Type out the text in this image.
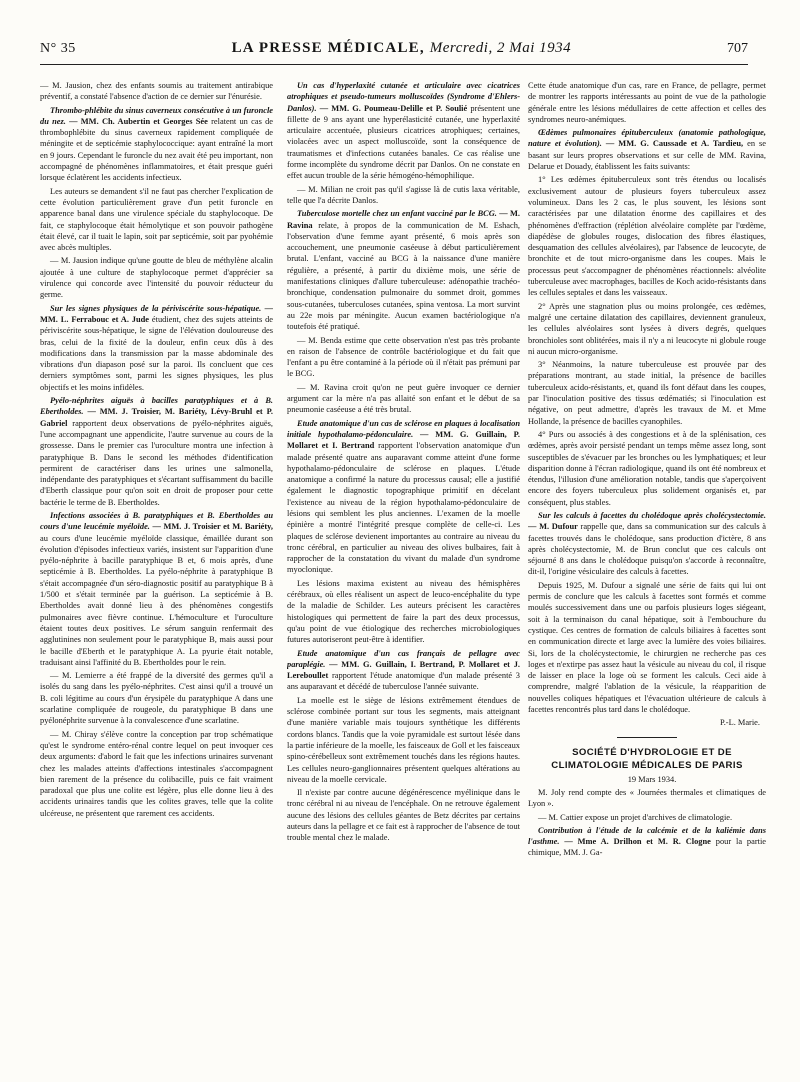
N° 35	LA PRESSE MÉDICALE, Mercredi, 2 Mai 1934	707

— M. Jausion, chez des enfants soumis au traitement antirabique préventif, a constaté l'absence d'action de ce dernier sur l'énurésie.

Thrombo-phlébite du sinus caverneux consécutive à un furoncle du nez. — MM. Ch. Aubertin et Georges Sée relatent un cas de thrombophlébite du sinus caverneux rapidement compliquée de méningite et de septicémie staphylococcique: ayant entraîné la mort en 9 jours. Cependant le furoncle du nez avait été peu important, non accompagné de phénomènes inflammatoires, et était presque guéri lorsque éclatèrent les accidents infectieux.

Les auteurs se demandent s'il ne faut pas chercher l'explication de cette évolution particulièrement grave d'un petit furoncle en apparence banal dans une virulence spéciale du staphylocoque. De fait, ce staphylocoque était hémolytique et son pouvoir pathogène était élevé, car il tuait le lapin, soit par septicémie, soit par pyohémie avec abcès multiples.

— M. Jausion indique qu'une goutte de bleu de méthylène alcalin ajoutée à une culture de staphylocoque permet d'apprécier sa virulence qui concorde avec l'intensité du pouvoir réducteur du germe.

Sur les signes physiques de la périviscérite sous-hépatique. — MM. L. Ferrabouc et A. Jude étudient, chez des sujets atteints de périviscérite sous-hépatique, le signe de l'élévation douloureuse des bras, celui de la fixité de la douleur, enfin ceux dûs à des modifications dans la transmission par la masse abdominale des vibrations d'un diapason posé sur la paroi. Ils concluent que ces derniers symptômes sont, parmi les signes physiques, les plus objectifs et les moins infidèles.

Pyélo-néphrites aiguës à bacilles paratyphiques et à B. Ebertholdes. — MM. J. Troisier, M. Bariéty, Lévy-Bruhl et P. Gabriel rapportent deux observations de pyélo-néphrites aiguës, l'une accompagnant une appendicite, l'autre survenue au cours de la grossesse. Dans le premier cas l'uroculture montra une infection à paratyphique B. Dans le second les méthodes d'identification permirent de caractériser dans les urines une salmonella, indépendante des paratyphiques et s'écartant suffisamment du bacille d'Eberth classique pour qu'on soit en droit de proposer pour cette bactérie le terme de B. Ebertholdes.

Infections associées à B. paratyphiques et B. Ebertholdes au cours d'une leucémie myéloïde. — MM. J. Troisier et M. Bariéty, au cours d'une leucémie myéloïde classique, émaillée durant son évolution d'épisodes infectieux variés, insistent sur l'apparition d'une pyélo-néphrite à bacille paratyphique B et, 6 mois après, d'une septicémie à B. Ebertholdes. La pyélo-néphrite à paratyphique B s'était accompagnée d'un séro-diagnostic positif au paratyphique B à 1/500 et s'était terminée par la guérison. La septicémie à B. Ebertholdes avait donné lieu à des phénomènes congestifs pulmonaires avec fièvre continue. L'hémoculture et l'uroculture étaient toutes deux positives. Le sérum sanguin renfermait des agglutinines non seulement pour le paratyphique B, mais aussi pour le bacille d'Eberth et le paratyphique A. La pyurie était notable, traduisant ainsi l'affinité du B. Ebertholdes pour le rein.

— M. Lemierre a été frappé de la diversité des germes qu'il a isolés du sang dans les pyélo-néphrites. C'est ainsi qu'il a trouvé un B. coli légitime au cours d'un érysipèle du paratyphique A dans une scarlatine compliquée de rougeole, du paratyphique B dans une pyélonéphrite survenue à la convalescence d'une scarlatine.

— M. Chiray s'élève contre la conception par trop schématique qu'est le syndrome entéro-rénal contre lequel on peut invoquer ces deux arguments: d'abord le fait que les infections urinaires survenant chez les malades atteints d'affections intestinales s'accompagnent bien rarement de la présence du colibacille, puis ce fait vraiment paradoxal que plus une colite est légère, plus elle donne lieu à des accidents urinaires tandis que les colites graves, telle que la colite ulcéreuse, ne présentent que rarement ces accidents.

Un cas d'hyperlaxité cutanée et articulaire avec cicatrices atrophiques et pseudo-tumeurs molluscoïdes (Syndrome d'Ehlers-Danlos). — MM. G. Poumeau-Delille et P. Soulié présentent une fillette de 9 ans ayant une hyperélasticité cutanée, une hyperlaxité articulaire accentuée, plusieurs cicatrices atrophiques; certaines, violacées avec un aspect molluscoïde, sont la conséquence de traumatismes et d'infections cutanées banales. Ce cas réalise une forme incomplète du syndrome décrit par Danlos. On ne constate en effet aucun trouble de la série hémogéno-hémophilique.

— M. Milian ne croit pas qu'il s'agisse là de cutis laxa véritable, telle que l'a décrite Danlos.

Tuberculose mortelle chez un enfant vacciné par le BCG. — M. Ravina relate, à propos de la communication de M. Eshach, l'observation d'une femme ayant présenté, 6 mois après son accouchement, une pneumonie caséeuse à début particulièrement brutal. L'enfant, vacciné au BCG à la naissance d'une manière régulière, a présenté, à partir du dixième mois, une série de manifestations cliniques d'allure tuberculeuse: adénopathie trachéo-bronchique, condensation pulmonaire du sommet droit, gommes sous-cutanées, tuberculoses cutanées, spina ventosa. La mort survint au 22e mois par méningite. Aucun examen bactériologique n'a toutefois été pratiqué.

— M. Benda estime que cette observation n'est pas très probante en raison de l'absence de contrôle bactériologique et du fait que l'enfant a pu être contaminé à la période où il n'était pas prémuni par le BCG.

— M. Ravina croit qu'on ne peut guère invoquer ce dernier argument car la mère n'a pas allaité son enfant et le début de sa pneumonie caséeuse a été très brutal.

Etude anatomique d'un cas de sclérose en plaques à localisation initiale hypothalamo-pédonculaire. — MM. G. Guillain, P. Mollaret et I. Bertrand rapportent l'observation anatomique d'un malade présenté quatre ans auparavant comme atteint d'une forme hypothalamo-pédonculaire de sclérose en plaques. L'étude anatomique a confirmé la nature du processus causal; elle a justifié également le diagnostic topographique primitif en décelant l'existence au niveau de la région hypothalamo-pédonculaire de lésions qui semblent les plus anciennes. L'examen de la moelle épinière a montré l'intégrité presque complète de celle-ci. Les plaques de sclérose devienent importantes au contraire au niveau du tronc cérébral, en particulier au niveau des olives bulbaires, fait à rapprocher de la constatation du vivant du malade d'un syndrome myoclonique.

Les lésions maxima existent au niveau des hémisphères cérébraux, où elles réalisent un aspect de leuco-encéphalite du type de la maladie de Schilder. Les auteurs précisent les caractères histologiques qui permettent de faire la part des deux processus, qu'au point de vue étiologique des recherches microbiologiques futures autoriseront peut-être à identifier.

Etude anatomique d'un cas français de pellagre avec paraplégie. — MM. G. Guillain, I. Bertrand, P. Mollaret et J. Lereboullet rapportent l'étude anatomique d'un malade présenté 3 ans auparavant et décédé de tuberculose l'année suivante.

La moelle est le siège de lésions extrêmement étendues de sclérose combinée portant sur tous les segments, mais atteignant d'une manière variable mais toujours synthétique les différents cordons blancs. Tandis que la voie pyramidale est surtout lésée dans la partie inférieure de la moelle, les faisceaux de Goll et les faisceaux spino-cérébelleux sont extrêmement touchés dans les régions hautes. Les cellules neuro-ganglionnaires présentent quelques altérations au niveau de la moelle cervicale.

Il n'existe par contre aucune dégénérescence myélinique dans le tronc cérébral ni au niveau de l'encéphale. On ne retrouve également aucune des lésions des cellules géantes de Betz décrites par certains auteurs dans la pellagre et ce fait est à rapprocher de l'absence de tout trouble mental chez le malade.

Cette étude anatomique d'un cas, rare en France, de pellagre, permet de montrer les rapports intéressants au point de vue de la pathologie générale entre les lésions médullaires de cette affection et celles des syndromes neuro-anémiques.

Œdèmes pulmonaires épituberculeux (anatomie pathologique, nature et évolution). — MM. G. Caussade et A. Tardieu, en se basant sur leurs propres observations et sur celle de MM. Ravina, Delarue et Douady, établissent les faits suivants:

1° Les œdèmes épituberculeux sont très étendus ou localisés exclusivement autour de plusieurs foyers tuberculeux assez volumineux. Dans les 2 cas, le plus souvent, les lésions sont caractérisées par une dilatation énorme des capillaires et des phénomènes d'effraction (réplétion alvéolaire complète par l'œdème, diapédèse de globules rouges, dislocation des fibres élastiques, desquamation des cellules alvéolaires), par l'absence de leucocyte, de bronchite et de tout micro-organisme dans les coupes. Mais le processus peut s'accompagner de phénomènes réactionnels: alvéolite tuberculeuse avec macrophages, bacilles de Koch acido-résistants dans les cellules septales et dans les vaisseaux.

2° Après une stagnation plus ou moins prolongée, ces œdèmes, malgré une certaine dilatation des capillaires, deviennent granuleux, les cellules alvéolaires sont lysées à divers degrés, quelques bronchioles sont oblitérées, mais il n'y a ni leucocyte ni globule rouge ni aucun micro-organisme.

3° Néanmoins, la nature tuberculeuse est prouvée par des préparations montrant, au stade initial, la présence de bacilles tuberculeux acido-résistants, et, quand ils font défaut dans les coupes, par l'inoculation positive des tissus œdématiés; si l'inoculation est négative, on peut admettre, d'après les travaux de M. et Mme Hollande, la présence de bacilles cyanophiles.

4° Purs ou associés à des congestions et à de la splénisation, ces œdèmes, après avoir persisté pendant un temps même assez long, sont susceptibles de s'évacuer par les bronches ou les lymphatiques; et leur disparition donne à l'écran radiologique, quand ils ont été nombreux et étendus, l'illusion d'une amélioration notable, tandis que s'aperçoivent encore des foyers tuberculeux plus solidement organisés et, par conséquent, plus stables.

Sur les calculs à facettes du cholédoque après cholécystectomie. — M. Dufour rappelle que, dans sa communication sur des calculs à facettes trouvés dans le cholédoque, sans production d'ictère, 8 ans après cholécystectomie, M. de Brun conclut que ces calculs ont séjourné 8 ans dans le cholédoque puisqu'on s'accorde à reconnaître, dit-il, l'origine vésiculaire des calculs à facettes.

Depuis 1925, M. Dufour a signalé une série de faits qui lui ont permis de conclure que les calculs à facettes sont formés et comme moulés successivement dans une ou parfois plusieurs loges siégeant, soit à la terminaison du canal hépatique, soit à l'embouchure du cystique. Ces centres de formation de calculs biliaires à facettes sont en communication directe et large avec la lumière des voies biliaires. Si, lors de la cholécystectomie, le chirurgien ne recherche pas ces loges et n'extirpe pas assez haut la vésicule au niveau du col, il risque de laisser en place la loge où se forment les calculs. Ceci aide à comprendre, malgré l'ablation de la vésicule, la réapparition de nouvelles coliques hépatiques et l'évacuation ultérieure de calculs à facettes rencontrés plus tard dans le cholédoque.

P.-L. Marie.

SOCIÉTÉ D'HYDROLOGIE ET DE CLIMATOLOGIE MÉDICALES DE PARIS

19 Mars 1934.

M. Joly rend compte des « Journées thermales et climatiques de Lyon ».

— M. Cattier expose un projet d'archives de climatologie.

Contribution à l'étude de la calcémie et de la kaliémie dans l'asthme. — Mme A. Drilhon et M. R. Clogne pour la partie chimique, MM. J. Ga-
